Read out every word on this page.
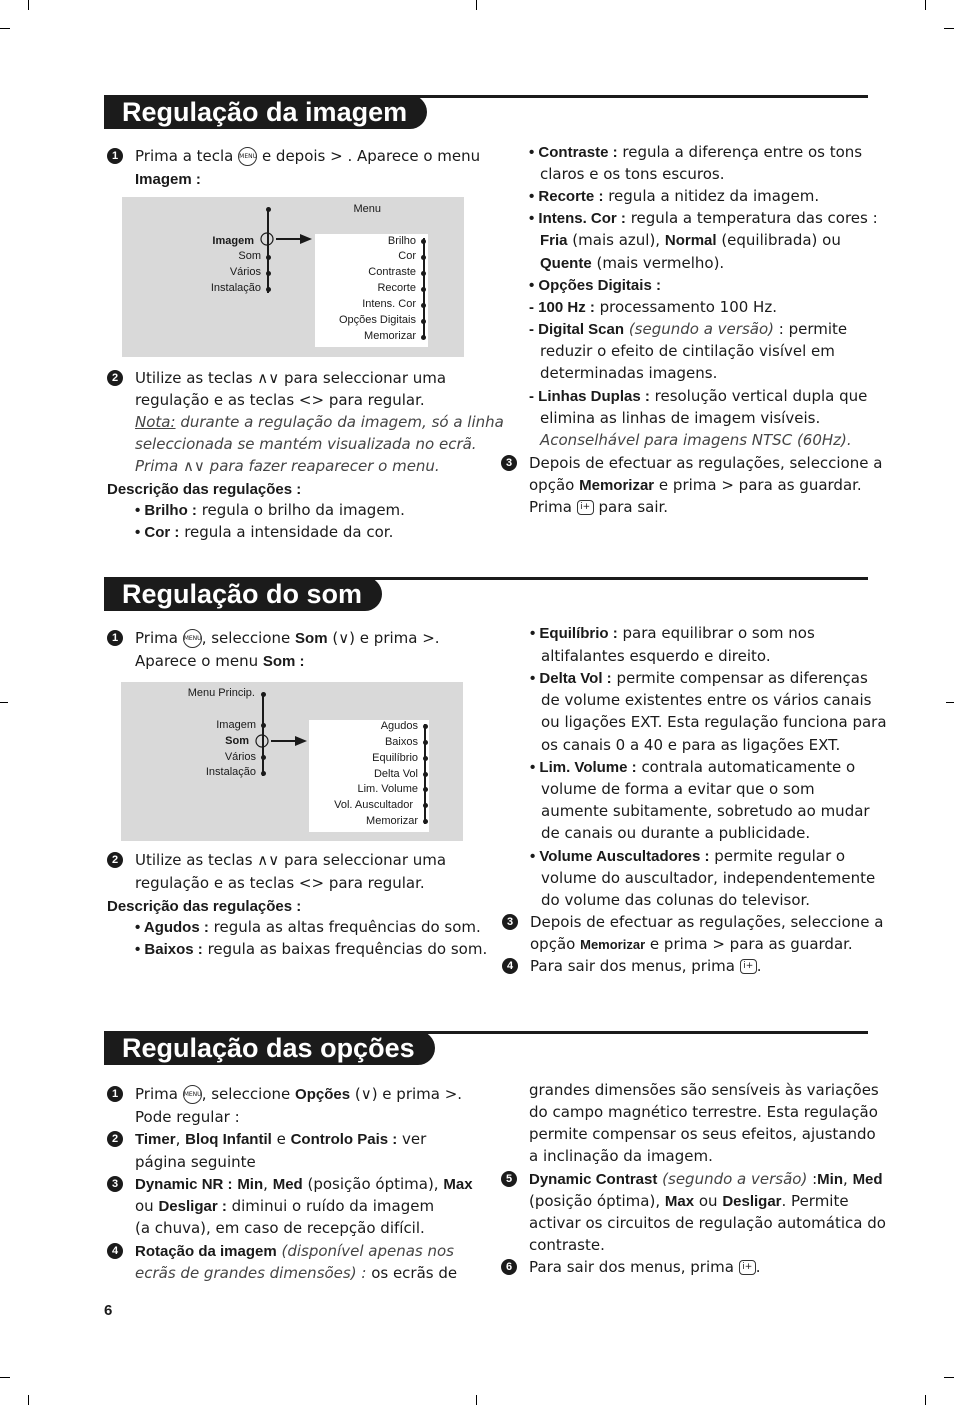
Regulação da imagem
1	Prima a tecla MENU e depois > . Aparece o menu
Imagem :
Menu
Imagem
Som
Vários
Instalação
Brilho
Cor
Contraste
Recorte
Intens. Cor
Opções Digitais
Memorizar
2	Utilize as teclas ∧∨ para seleccionar uma
regulação e as teclas <> para regular.
Nota: durante a regulação da imagem, só a linha
seleccionada se mantém visualizada no ecrã.
Prima ∧∨ para fazer reaparecer o menu.
Descrição das regulações :
• Brilho : regula o brilho da imagem.
• Cor : regula a intensidade da cor.
• Contraste : regula a diferença entre os tons
claros e os tons escuros.
• Recorte : regula a nitidez da imagem.
• Intens. Cor : regula a temperatura das cores :
Fria (mais azul), Normal (equilibrada) ou
Quente (mais vermelho).
• Opções Digitais :
- 100 Hz : processamento 100 Hz.
- Digital Scan (segundo a versão) : permite
reduzir o efeito de cintilação visível em
determinadas imagens.
- Linhas Duplas : resolução vertical dupla que
elimina as linhas de imagem visíveis.
Aconselhável para imagens NTSC (60Hz).
3	Depois de efectuar as regulações, seleccione a
opção Memorizar e prima > para as guardar.
Prima i+ para sair.
Regulação do som
1	Prima MENU, seleccione Som (∨) e prima >.
Aparece o menu Som :
Menu Princip.
Imagem
Som
Vários
Instalação
Agudos
Baixos
Equilíbrio
Delta Vol
Lim. Volume
Vol. Auscultador
Memorizar
2	Utilize as teclas ∧∨ para seleccionar uma
regulação e as teclas <> para regular.
Descrição das regulações :
• Agudos : regula as altas frequências do som.
• Baixos : regula as baixas frequências do som.
• Equilíbrio : para equilibrar o som nos
altifalantes esquerdo e direito.
• Delta Vol : permite compensar as diferenças
de volume existentes entre os vários canais
ou ligações EXT. Esta regulação funciona para
os canais 0 a 40 e para as ligações EXT.
• Lim. Volume : contrala automaticamente o
volume de forma a evitar que o som
aumente subitamente, sobretudo ao mudar
de canais ou durante a publicidade.
• Volume Auscultadores : permite regular o
volume do auscultador, independentemente
do volume das colunas do televisor.
3	Depois de efectuar as regulações, seleccione a
opção Memorizar e prima > para as guardar.
4	Para sair dos menus, prima i+ .
Regulação das opções
1	Prima MENU, seleccione Opções (∨) e prima >.
Pode regular :
2	Timer, Bloq Infantil e Controlo Pais : ver
página seguinte
3	Dynamic NR : Min, Med (posição óptima), Max
ou Desligar : diminui o ruído da imagem
(a chuva), em caso de recepção difícil.
4	Rotação da imagem (disponível apenas nos
ecrãs de grandes dimensões) : os ecrãs de
grandes dimensões são sensíveis às variações
do campo magnético terrestre. Esta regulação
permite compensar os seus efeitos, ajustando
a inclinação da imagem.
5	Dynamic Contrast (segundo a versão) :Min, Med
(posição óptima), Max ou Desligar. Permite
activar os circuitos de regulação automática do
contraste.
6	Para sair dos menus, prima i+ .
6
